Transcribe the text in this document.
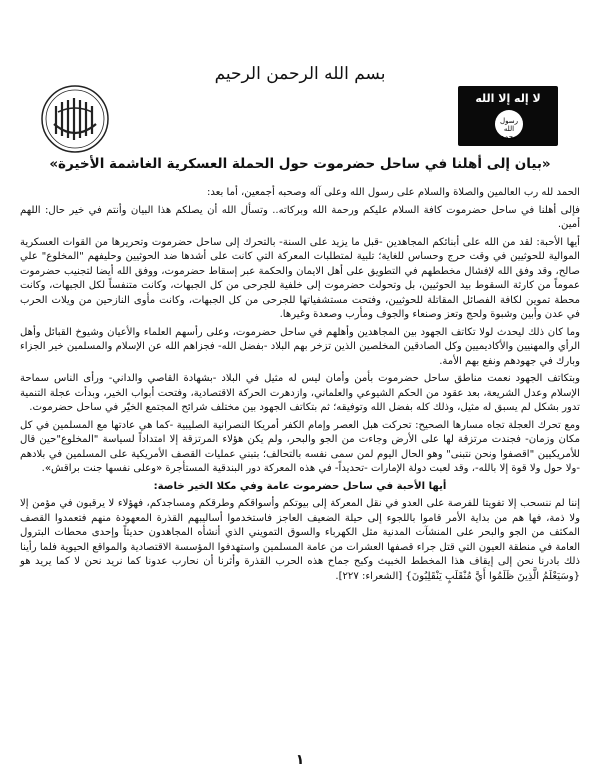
بسم الله الرحمن الرحيم
لا إله إلا الله
رسول الله محمد
«بيان إلى أهلنا في ساحل حضرموت حول الحملة العسكرية الغاشمة الأخيرة»

الحمد لله رب العالمين والصلاة والسلام على رسول الله وعلى آله وصحبه أجمعين، أما بعد:

فإلى أهلنا في ساحل حضرموت كافة السلام عليكم ورحمة الله وبركاته.. وتسأل الله أن يصلكم هذا البيان وأنتم في خير حال: اللهم أمين.

أيها الأحبة: لقد من الله على أبنائكم المجاهدين -قبل ما يزيد على السنة- بالتحرك إلى ساحل حضرموت وتحريرها من القوات العسكرية الموالية للحوثيين في وقت حرج وحساس للغاية؛ تلبية لمتطلبات المعركة التي كانت على أشدها ضد الحوثيين وحليفهم "المخلوع" علي صالح، وقد وفق الله لإفشال مخططهم في التطويق على أهل الايمان والحكمة عبر إسقاط حضرموت، ووفق الله أيضا لتجنيب حضرموت عموماً من كارثة السقوط بيد الحوثيين، بل وتحولت حضرموت إلى خلفية للجرحى من كل الجبهات، وكانت متنفساً لكل الجبهات، وكانت محطة تموين لكافة الفصائل المقاتلة للحوثيين، وفتحت مستشفياتها للجرحى من كل الجبهات، وكانت مأوى النازحين من ويلات الحرب في عدن وأبين وشبوة ولحج وتعز وصنعاء والجوف ومأرب وصعدة وغيرها.

وما كان ذلك ليحدث لولا تكاتف الجهود بين المجاهدين وأهلهم في ساحل حضرموت، وعلى رأسهم العلماء والأعيان وشيوخ القبائل وأهل الرأي والمهنيين والأكاديميين وكل الصادقين المخلصين الذين تزخر بهم البلاد -بفضل الله- فجزاهم الله عن الإسلام والمسلمين خير الجزاء وبارك في جهودهم ونفع بهم الأمة.

وبتكاتف الجهود نعمت مناطق ساحل حضرموت بأمن وأمان ليس له مثيل في البلاد -بشهادة القاصي والداني- ورأى الناس سماحة الإسلام وعدل الشريعة، بعد عقود من الحكم الشيوعي والعلماني، وازدهرت الحركة الاقتصادية، وفتحت أبواب الخير، وبدأت عجلة التنمية تدور بشكل لم يسبق له مثيل، وذلك كله بفضل الله وتوفيقه؛ ثم بتكاتف الجهود بين مختلف شرائح المجتمع الخيّر في ساحل حضرموت.

ومع تحرك العجلة تجاه مسارها الصحيح: تحركت هبل العصر وإمام الكفر أمريكا النصرانية الصليبية -كما هي عادتها مع المسلمين في كل مكان وزمان- فجندت مرتزقة لها على الأرض وجاءت من الجو والبحر، ولم يكن هؤلاء المرتزقة إلا امتداداً لسياسة "المخلوع"حين قال للأمريكيين "اقصفوا ونحن نتبنى" وهو الحال اليوم لمن سمى نفسه بالتحالف؛ بتبني عمليات القصف الأمريكية على المسلمين في بلادهم -ولا حول ولا قوة إلا بالله-، وقد لعبت دولة الإمارات -تحديداً- في هذه المعركة دور البندقية المستأجرة «وعلى نفسها جنت براقش».

أيها الأحبة في ساحل حضرموت عامة وفي مكلا الخير خاصة:

إننا لم ننسحب إلا تفويتا للفرصة على العدو في نقل المعركة إلى بيوتكم وأسواقكم وطرقكم ومساجدكم، فهؤلاء لا يرقبون في مؤمن إلا ولا ذمة، فها هم من بداية الأمر قاموا باللجوء إلى حيلة الضعيف العاجز فاستخدموا أساليبهم القذرة المعهودة منهم فتعمدوا القصف المكثف من الجو والبحر على المنشآت المدنية مثل الكهرباء والسوق التمويني الذي أنشأه المجاهدون حديثاً وإحدى محطات البترول العامة في منطقة العيون التي قتل جراء قصفها العشرات من عامة المسلمين واستهدفوا المؤسسة الاقتصادية والمواقع الحيوية فلما رأينا ذلك بادرنا نحن إلى إيقاف هذا المخطط الخبيث وكبح جماح هذه الحرب القذرة وأثرنا أن نحارب عدونا كما نريد نحن لا كما يريد هو {وسَيَعْلَمُ الَّذِينَ ظَلَمُوا أَيَّ مُنْقَلَبٍ يَنْقَلِبُونَ} [الشعراء: ٢٢٧].

١
